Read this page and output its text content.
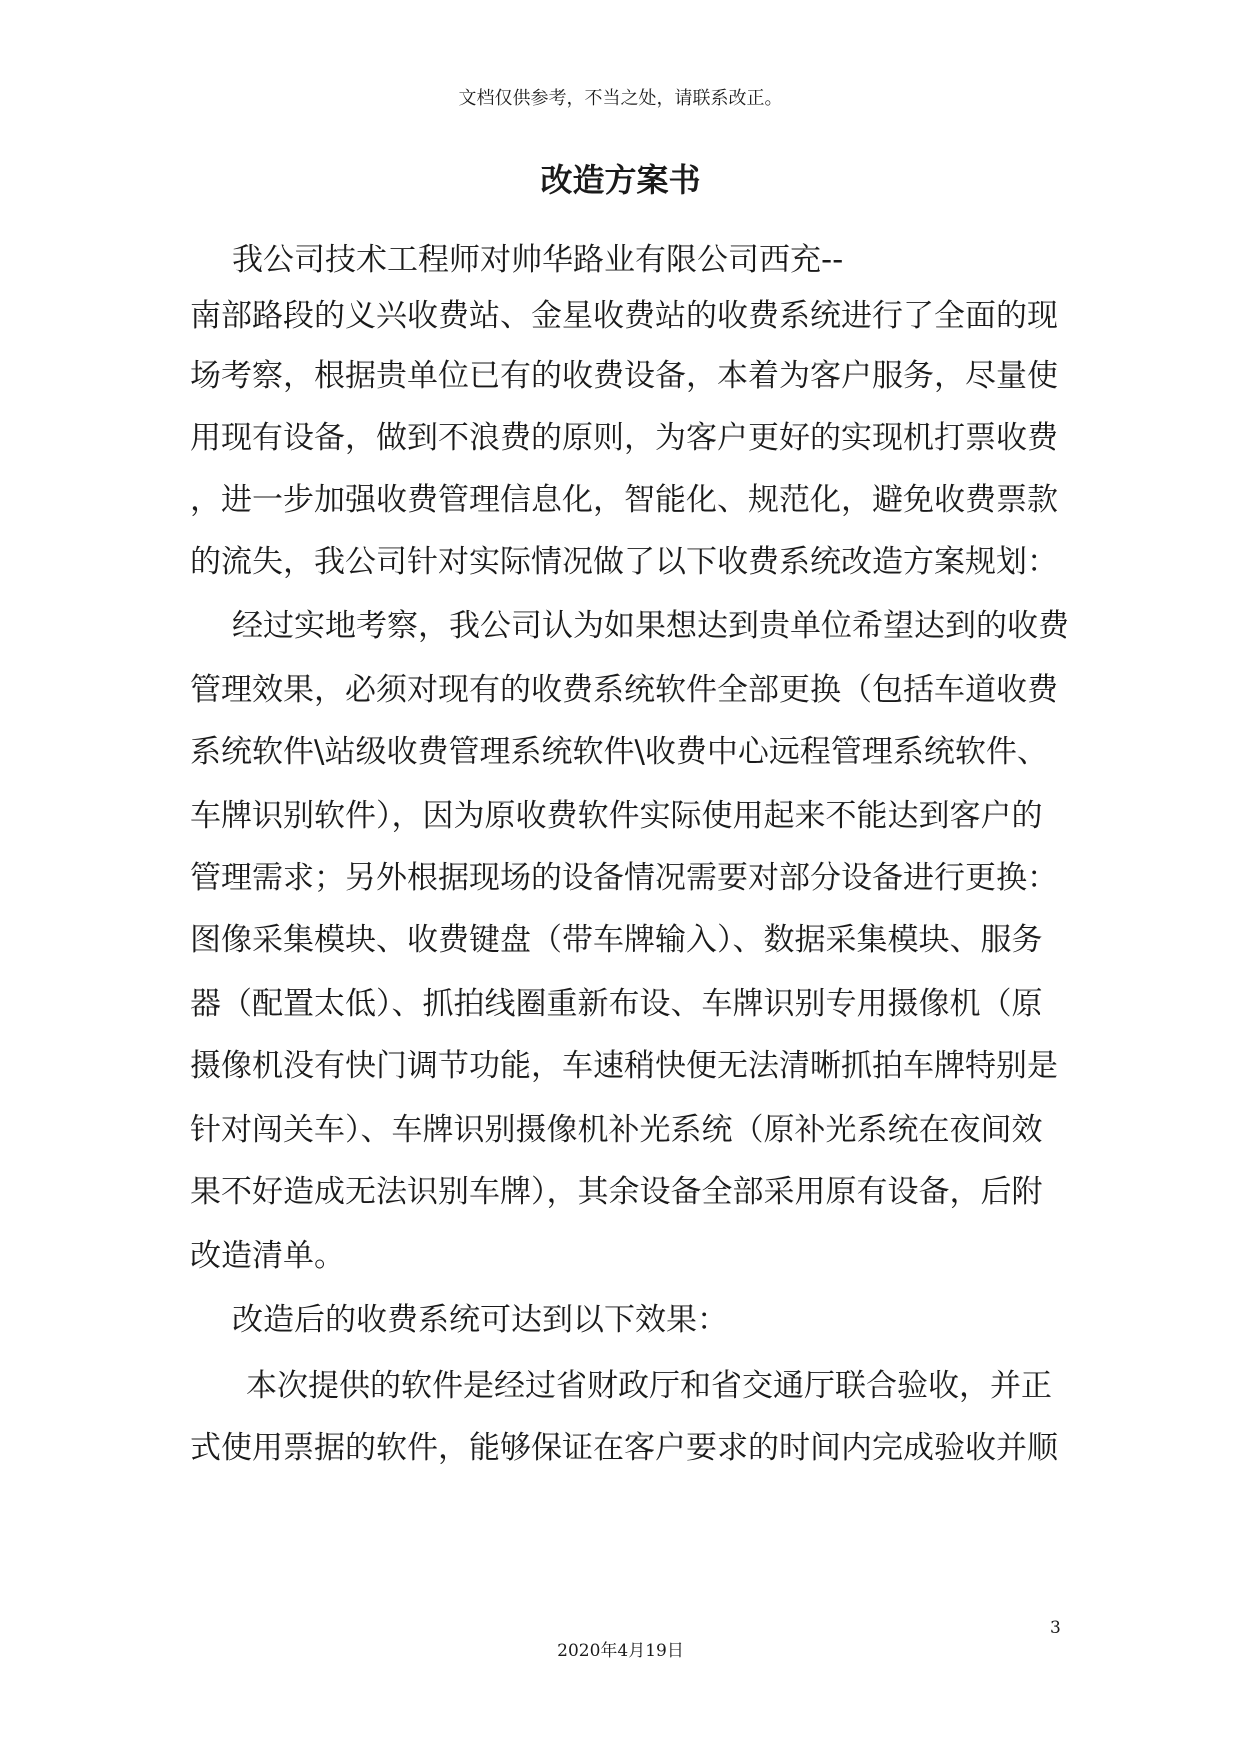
文档仅供参考，不当之处，请联系改正。
改造方案书
我公司技术工程师对帅华路业有限公司西充--
南部路段的义兴收费站、金星收费站的收费系统进行了全面的现
场考察，根据贵单位已有的收费设备，本着为客户服务，尽量使
用现有设备，做到不浪费的原则，为客户更好的实现机打票收费
，进一步加强收费管理信息化，智能化、规范化，避免收费票款
的流失，我公司针对实际情况做了以下收费系统改造方案规划：
经过实地考察，我公司认为如果想达到贵单位希望达到的收费
管理效果，必须对现有的收费系统软件全部更换（包括车道收费
系统软件\站级收费管理系统软件\收费中心远程管理系统软件、
车牌识别软件），因为原收费软件实际使用起来不能达到客户的
管理需求；另外根据现场的设备情况需要对部分设备进行更换：
图像采集模块、收费键盘（带车牌输入）、数据采集模块、服务
器（配置太低）、抓拍线圈重新布设、车牌识别专用摄像机（原
摄像机没有快门调节功能，车速稍快便无法清晰抓拍车牌特别是
针对闯关车）、车牌识别摄像机补光系统（原补光系统在夜间效
果不好造成无法识别车牌），其余设备全部采用原有设备，后附
改造清单。
改造后的收费系统可达到以下效果：
本次提供的软件是经过省财政厅和省交通厅联合验收，并正
式使用票据的软件，能够保证在客户要求的时间内完成验收并顺
3
2020年4月19日
